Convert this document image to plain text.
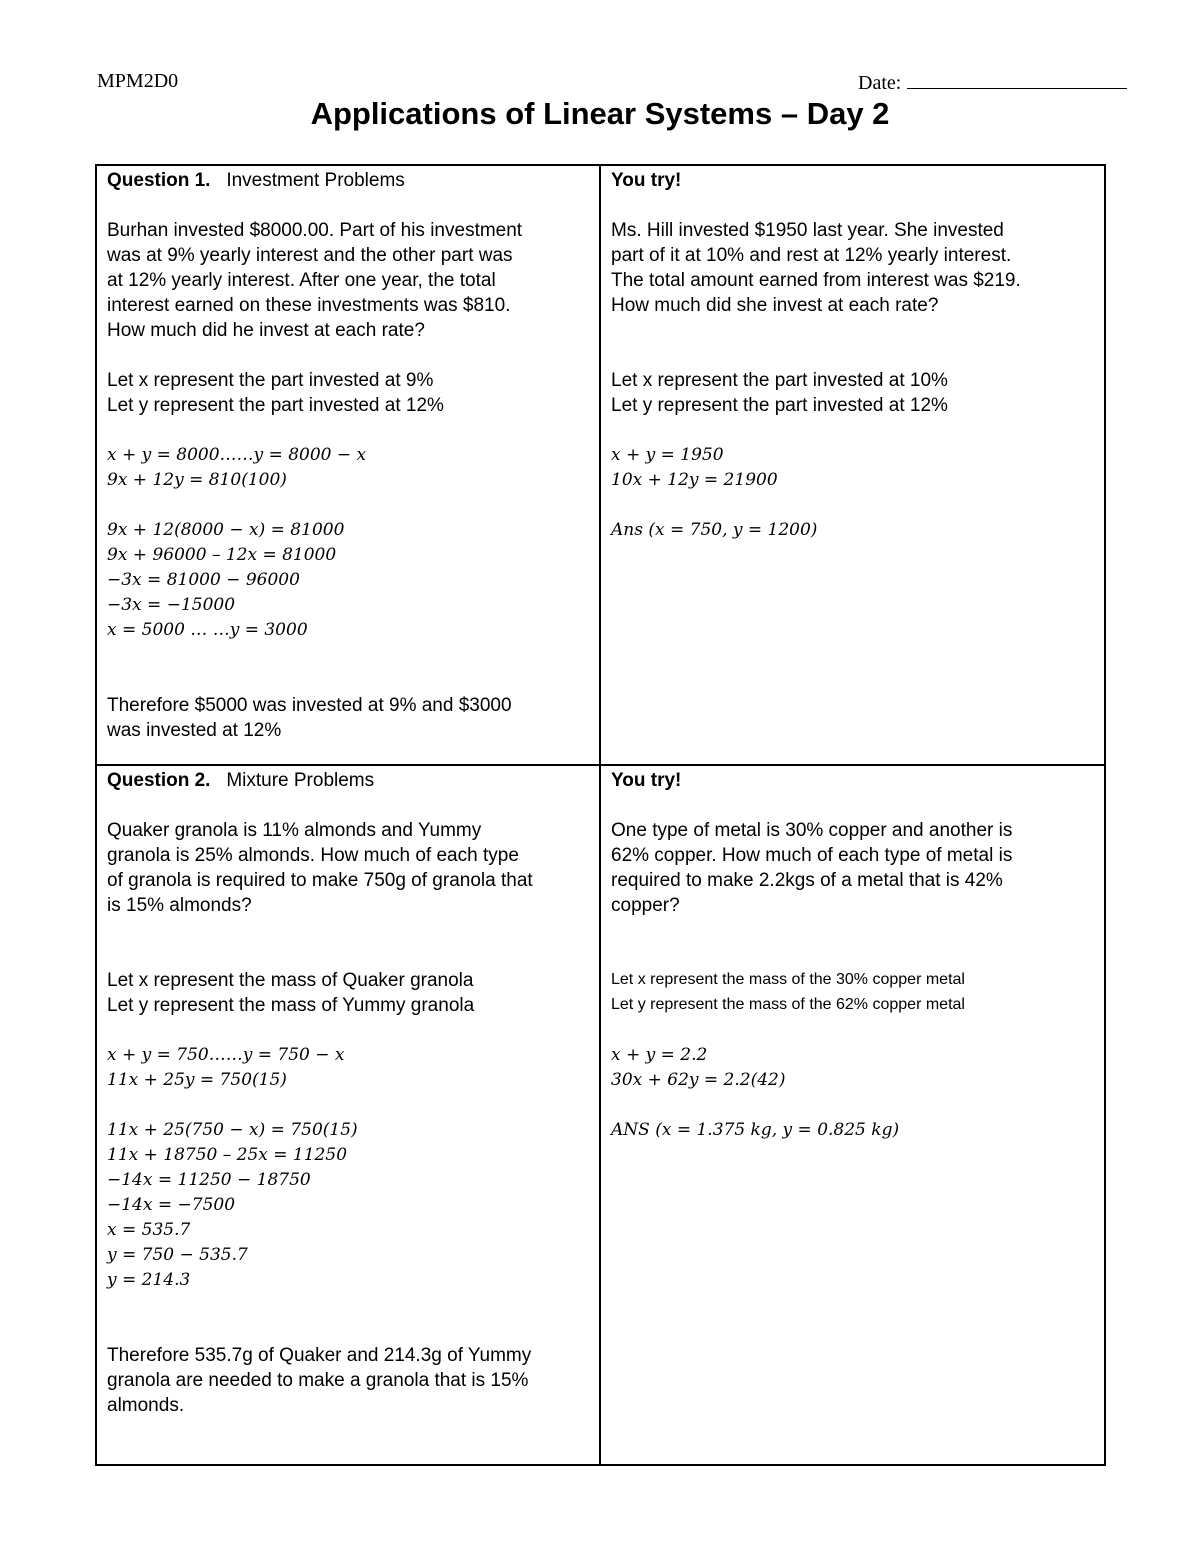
MPM2D0	Date:
Applications of Linear Systems – Day 2
Question 1. Investment Problems
Burhan invested $8000.00. Part of his investment
was at 9% yearly interest and the other part was
at 12% yearly interest. After one year, the total
interest earned on these investments was $810.
How much did he invest at each rate?
Let x represent the part invested at 9%
Let y represent the part invested at 12%
x + y = 8000……y = 8000 − x
9x + 12y = 810(100)
9x + 12(8000 − x) = 81000
9x + 96000 – 12x = 81000
−3x = 81000 − 96000
−3x = −15000
x = 5000 … …y = 3000
Therefore $5000 was invested at 9% and $3000
was invested at 12%
You try!
Ms. Hill invested $1950 last year. She invested
part of it at 10% and rest at 12% yearly interest.
The total amount earned from interest was $219.
How much did she invest at each rate?
Let x represent the part invested at 10%
Let y represent the part invested at 12%
x + y = 1950
10x + 12y = 21900
Ans (x = 750, y = 1200)
Question 2. Mixture Problems
Quaker granola is 11% almonds and Yummy
granola is 25% almonds. How much of each type
of granola is required to make 750g of granola that
is 15% almonds?
Let x represent the mass of Quaker granola
Let y represent the mass of Yummy granola
x + y = 750……y = 750 − x
11x + 25y = 750(15)
11x + 25(750 − x) = 750(15)
11x + 18750 – 25x = 11250
−14x = 11250 − 18750
−14x = −7500
x = 535.7
y = 750 − 535.7
y = 214.3
Therefore 535.7g of Quaker and 214.3g of Yummy
granola are needed to make a granola that is 15%
almonds.
You try!
One type of metal is 30% copper and another is
62% copper. How much of each type of metal is
required to make 2.2kgs of a metal that is 42%
copper?
Let x represent the mass of the 30% copper metal
Let y represent the mass of the 62% copper metal
x + y = 2.2
30x + 62y = 2.2(42)
ANS (x = 1.375 kg, y = 0.825 kg)
